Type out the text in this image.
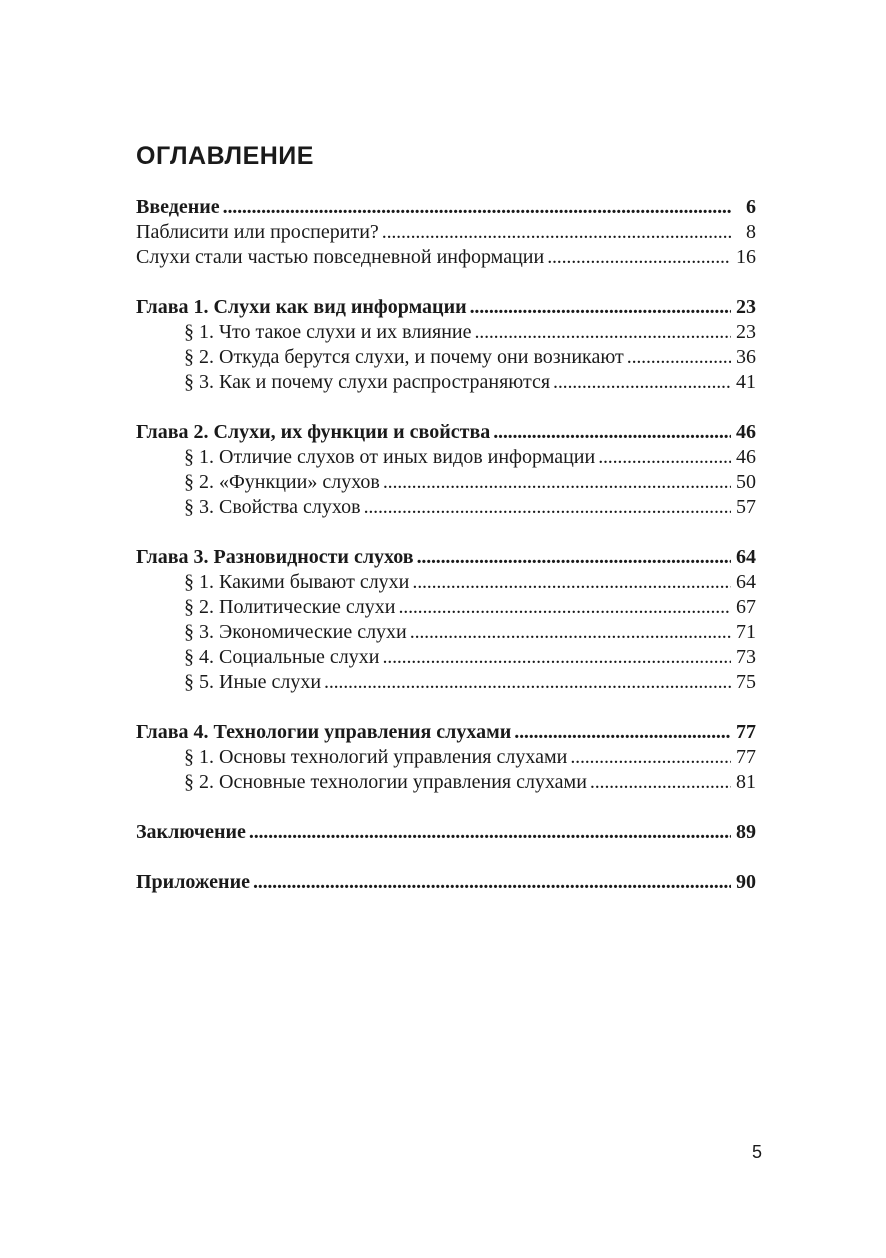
ОГЛАВЛЕНИЕ
Введение . . .	6
Паблисити или просперити? . . .	8
Слухи стали частью повседневной информации . . .	16
Глава 1. Слухи как вид информации . . .	23
§ 1. Что такое слухи и их влияние . . .	23
§ 2. Откуда берутся слухи, и почему они возникают . . .	36
§ 3. Как и почему слухи распространяются . . .	41
Глава 2. Слухи, их функции и свойства . . .	46
§ 1. Отличие слухов от иных видов информации . . .	46
§ 2. «Функции» слухов . . .	50
§ 3. Свойства слухов . . .	57
Глава 3. Разновидности слухов . . .	64
§ 1. Какими бывают слухи . . .	64
§ 2. Политические слухи . . .	67
§ 3. Экономические слухи . . .	71
§ 4. Социальные слухи . . .	73
§ 5. Иные слухи . . .	75
Глава 4. Технологии управления слухами . . .	77
§ 1. Основы технологий управления слухами . . .	77
§ 2. Основные технологии управления слухами . . .	81
Заключение . . .	89
Приложение . . .	90
5
